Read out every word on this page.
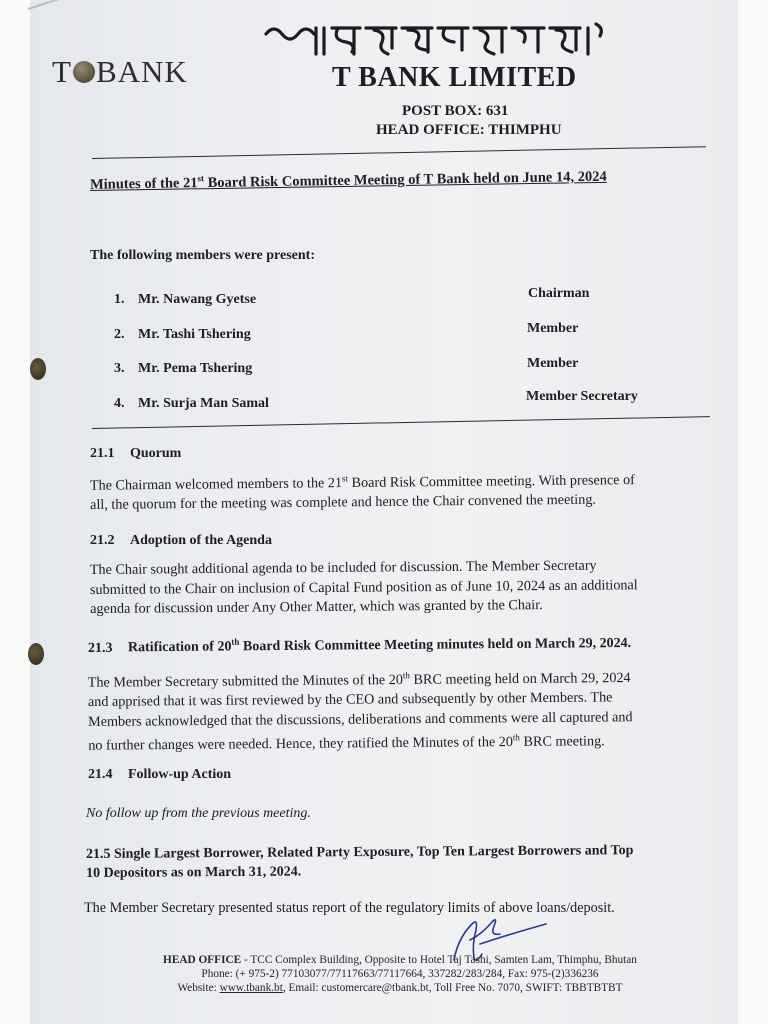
T BANK	T BANK LIMITED
POST BOX: 631
HEAD OFFICE: THIMPHU
Minutes of the 21st Board Risk Committee Meeting of T Bank held on June 14, 2024
The following members were present:
1. Mr. Nawang Gyetse	Chairman
2. Mr. Tashi Tshering	Member
3. Mr. Pema Tshering	Member
4. Mr. Surja Man Samal	Member Secretary
21.1 Quorum
The Chairman welcomed members to the 21st Board Risk Committee meeting. With presence of
all, the quorum for the meeting was complete and hence the Chair convened the meeting.
21.2 Adoption of the Agenda
The Chair sought additional agenda to be included for discussion. The Member Secretary
submitted to the Chair on inclusion of Capital Fund position as of June 10, 2024 as an additional
agenda for discussion under Any Other Matter, which was granted by the Chair.
21.3 Ratification of 20th Board Risk Committee Meeting minutes held on March 29, 2024.
The Member Secretary submitted the Minutes of the 20th BRC meeting held on March 29, 2024
and apprised that it was first reviewed by the CEO and subsequently by other Members. The
Members acknowledged that the discussions, deliberations and comments were all captured and
no further changes were needed. Hence, they ratified the Minutes of the 20th BRC meeting.
21.4 Follow-up Action
No follow up from the previous meeting.
21.5 Single Largest Borrower, Related Party Exposure, Top Ten Largest Borrowers and Top
10 Depositors as on March 31, 2024.
The Member Secretary presented status report of the regulatory limits of above loans/deposit.
HEAD OFFICE - TCC Complex Building, Opposite to Hotel Taj Tashi, Samten Lam, Thimphu, Bhutan
Phone: (+ 975-2) 77103077/77117663/77117664, 337282/283/284, Fax: 975-(2)336236
Website: www.tbank.bt, Email: customercare@tbank.bt, Toll Free No. 7070, SWIFT: TBBTBTBT
